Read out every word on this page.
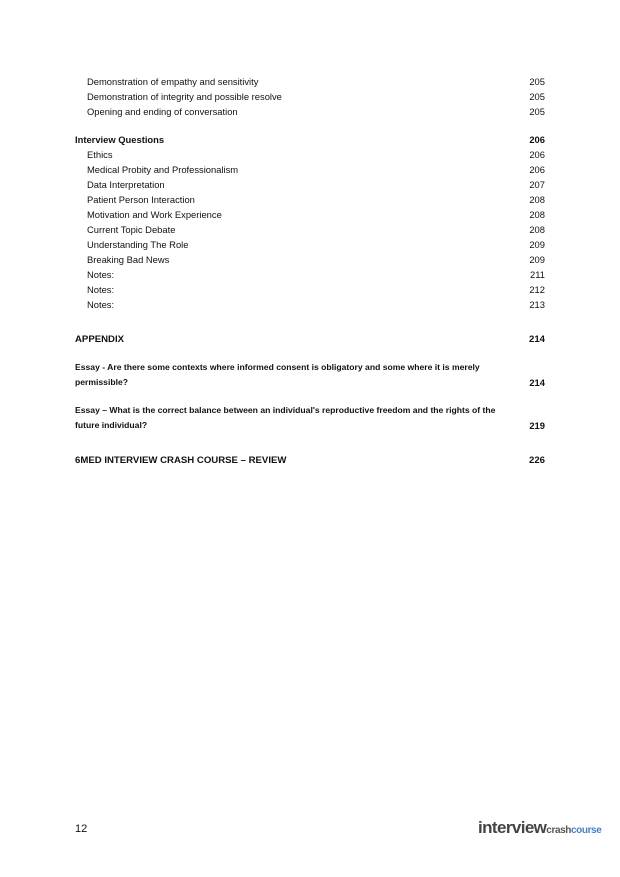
Demonstration of empathy and sensitivity	205
Demonstration of integrity and possible resolve	205
Opening and ending of conversation	205
Interview Questions	206
Ethics	206
Medical Probity and Professionalism	206
Data Interpretation	207
Patient Person Interaction	208
Motivation and Work Experience	208
Current Topic Debate	208
Understanding The Role	209
Breaking Bad News	209
Notes:	211
Notes:	212
Notes:	213
APPENDIX	214
Essay - Are there some contexts where informed consent is obligatory and some where it is merely
permissible?	214
Essay – What is the correct balance between an individual's reproductive freedom and the rights of the
future individual?	219
6MED INTERVIEW CRASH COURSE – REVIEW	226
12	interviewcrashcourse
